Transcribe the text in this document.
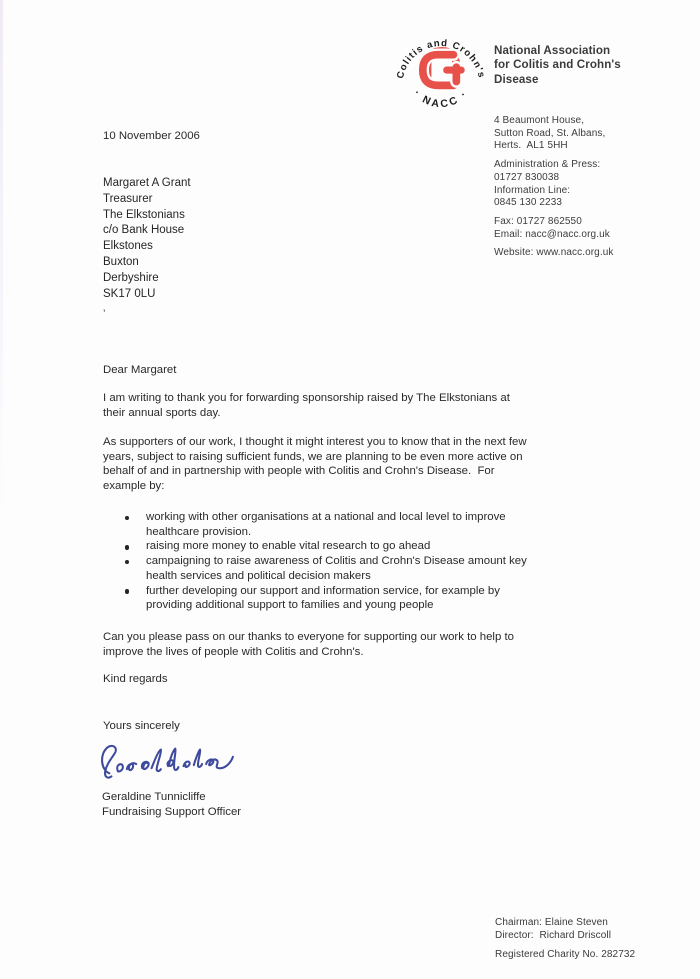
Colitis and Crohn's
· NACC ·
National Association
for Colitis and Crohn's
Disease
4 Beaumont House,
Sutton Road, St. Albans,
Herts.  AL1 5HH
Administration & Press:
01727 830038
Information Line:
0845 130 2233
Fax: 01727 862550
Email: nacc@nacc.org.uk
Website: www.nacc.org.uk
10 November 2006
Margaret A Grant
Treasurer
The Elkstonians
c/o Bank House
Elkstones
Buxton
Derbyshire
SK17 0LU
’
Dear Margaret
I am writing to thank you for forwarding sponsorship raised by The Elkstonians at
their annual sports day.
As supporters of our work, I thought it might interest you to know that in the next few
years, subject to raising sufficient funds, we are planning to be even more active on
behalf of and in partnership with people with Colitis and Crohn's Disease.  For
example by:
working with other organisations at a national and local level to improve
healthcare provision.
raising more money to enable vital research to go ahead
campaigning to raise awareness of Colitis and Crohn's Disease amount key
health services and political decision makers
further developing our support and information service, for example by
providing additional support to families and young people
Can you please pass on our thanks to everyone for supporting our work to help to
improve the lives of people with Colitis and Crohn's.
Kind regards
Yours sincerely
Geraldine Tunnicliffe
Fundraising Support Officer
Chairman: Elaine Steven
Director:  Richard Driscoll
Registered Charity No. 282732
